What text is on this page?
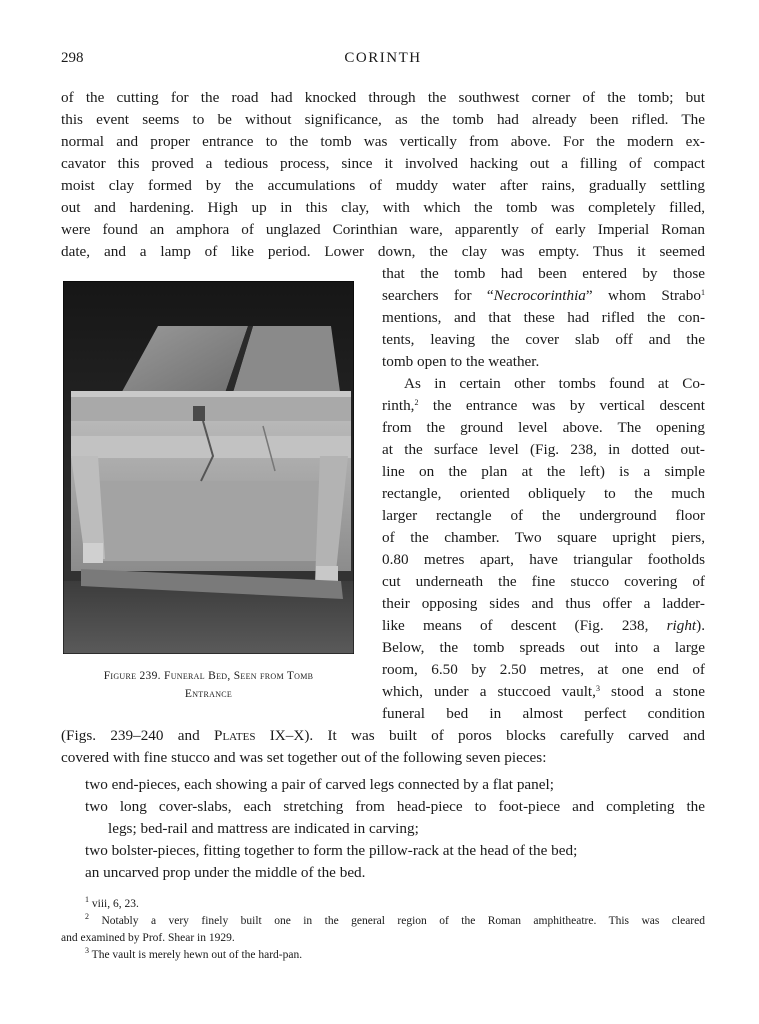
298	CORINTH
of the cutting for the road had knocked through the southwest corner of the tomb; but
this event seems to be without significance, as the tomb had already been rifled. The
normal and proper entrance to the tomb was vertically from above. For the modern ex-
cavator this proved a tedious process, since it involved hacking out a filling of compact
moist clay formed by the accumulations of muddy water after rains, gradually settling
out and hardening. High up in this clay, with which the tomb was completely filled,
were found an amphora of unglazed Corinthian ware, apparently of early Imperial Roman
date, and a lamp of like period. Lower down, the clay was empty. Thus it seemed
Figure 239. Funeral Bed, Seen from Tomb
Entrance
that the tomb had been entered by those
searchers for “Necrocorinthia” whom Strabo$^1$
mentions, and that these had rifled the con-
tents, leaving the cover slab off and the
tomb open to the weather.
As in certain other tombs found at Co-
rinth,$^2$ the entrance was by vertical descent
from the ground level above. The opening
at the surface level (Fig. 238, in dotted out-
line on the plan at the left) is a simple
rectangle, oriented obliquely to the much
larger rectangle of the underground floor
of the chamber. Two square upright piers,
0.80 metres apart, have triangular footholds
cut underneath the fine stucco covering of
their opposing sides and thus offer a ladder-
like means of descent (Fig. 238, right).
Below, the tomb spreads out into a large
room, 6.50 by 2.50 metres, at one end of
which, under a stuccoed vault,$^3$ stood a stone
funeral bed in almost perfect condition
(Figs. 239–240 and Plates IX–X). It was built of poros blocks carefully carved and
covered with fine stucco and was set together out of the following seven pieces:
two end-pieces, each showing a pair of carved legs connected by a flat panel;
two long cover-slabs, each stretching from head-piece to foot-piece and completing the
legs; bed-rail and mattress are indicated in carving;
two bolster-pieces, fitting together to form the pillow-rack at the head of the bed;
an uncarved prop under the middle of the bed.
$^1$ viii, 6, 23.
$^2$ Notably a very finely built one in the general region of the Roman amphitheatre. This was cleared
and examined by Prof. Shear in 1929.
$^3$ The vault is merely hewn out of the hard-pan.
